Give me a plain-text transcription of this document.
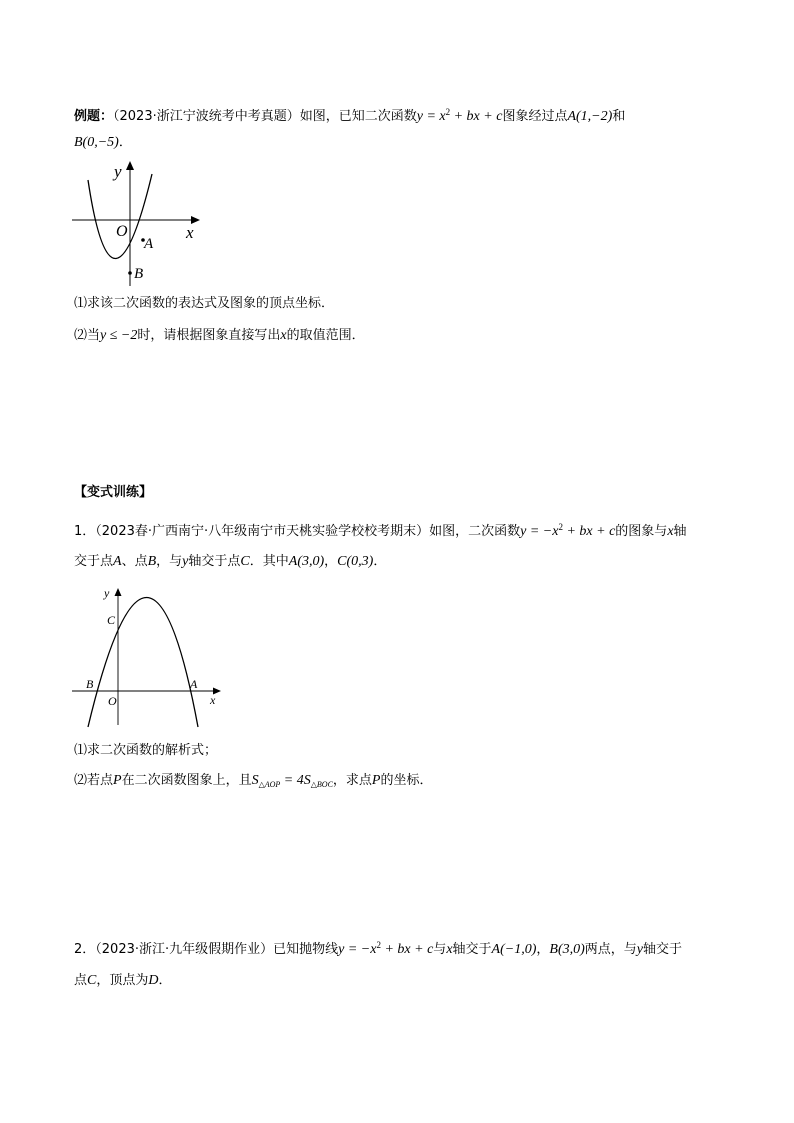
例题：（2023·浙江宁波统考中考真题）如图，已知二次函数$y = x^2$ + bx + c图象经过点A(1,−2)和
B(0,−5)．
y
x
O
A
B
⑴求该二次函数的表达式及图象的顶点坐标．
⑵当y ≤ −2时，请根据图象直接写出x的取值范围．
【变式训练】
1．（2023春·广西南宁·八年级南宁市天桃实验学校校考期末）如图，二次函数$y = -x^2$ + bx + c的图象与x轴
交于点A、点B，与y轴交于点C．其中A(3,0)，C(0,3)．
y
x
O
B	A
C
⑴求二次函数的解析式；
⑵若点P在二次函数图象上，且$S_{\triangle AOP} = 4S_{\triangle BOC}$，求点P的坐标．
2．（2023·浙江·九年级假期作业）已知抛物线$y = -x^2$ + bx + c与x轴交于A(−1,0)，B(3,0)两点，与y轴交于
点C，顶点为D．
